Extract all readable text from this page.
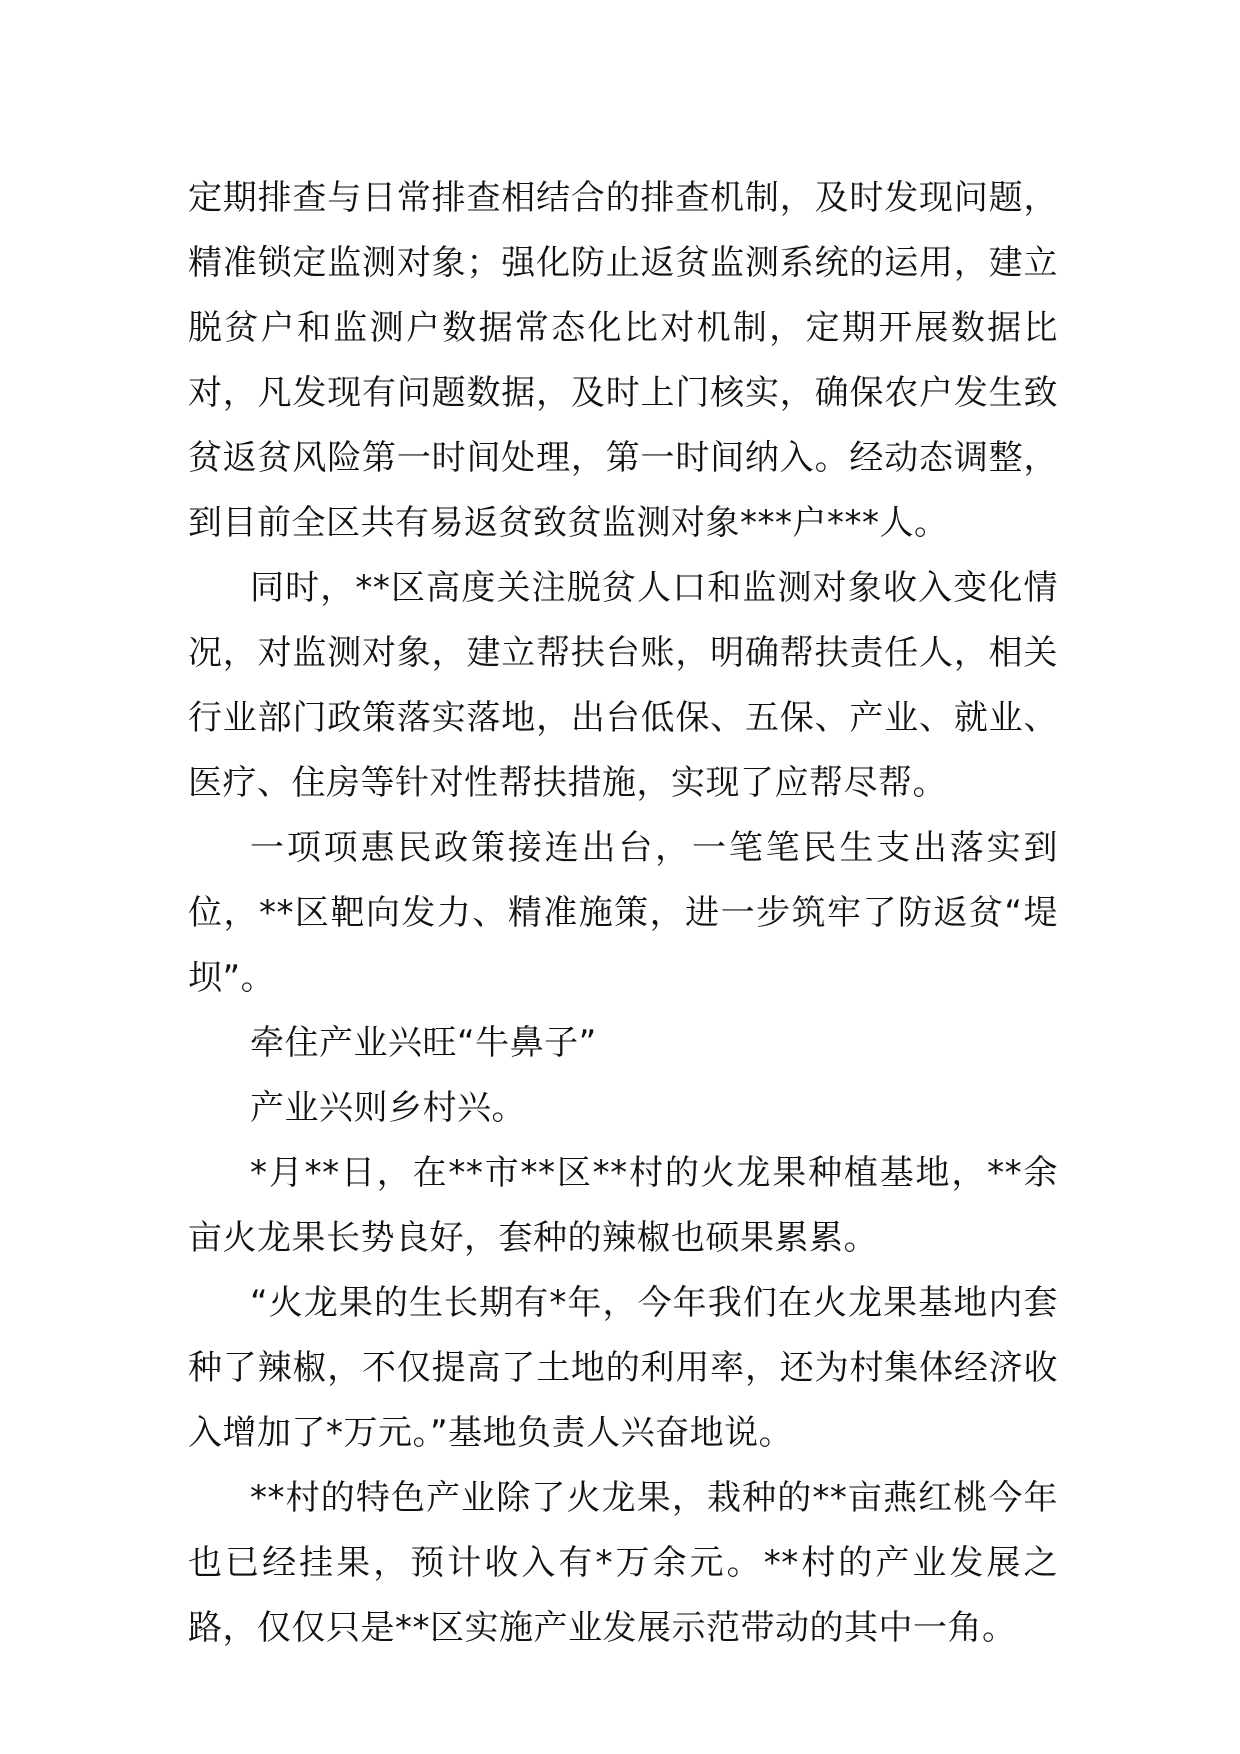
定期排查与日常排查相结合的排查机制，及时发现问题，精准锁定监测对象；强化防止返贫监测系统的运用，建立脱贫户和监测户数据常态化比对机制，定期开展数据比对，凡发现有问题数据，及时上门核实，确保农户发生致贫返贫风险第一时间处理，第一时间纳入。经动态调整，到目前全区共有易返贫致贫监测对象***户***人。

同时，**区高度关注脱贫人口和监测对象收入变化情况，对监测对象，建立帮扶台账，明确帮扶责任人，相关行业部门政策落实落地，出台低保、五保、产业、就业、医疗、住房等针对性帮扶措施，实现了应帮尽帮。

一项项惠民政策接连出台，一笔笔民生支出落实到位，**区靶向发力、精准施策，进一步筑牢了防返贫“堤坝”。

牵住产业兴旺“牛鼻子”

产业兴则乡村兴。

*月**日，在**市**区**村的火龙果种植基地，**余亩火龙果长势良好，套种的辣椒也硕果累累。

“火龙果的生长期有*年，今年我们在火龙果基地内套种了辣椒，不仅提高了土地的利用率，还为村集体经济收入增加了*万元。”基地负责人兴奋地说。

**村的特色产业除了火龙果，栽种的**亩燕红桃今年也已经挂果，预计收入有*万余元。**村的产业发展之路，仅仅只是**区实施产业发展示范带动的其中一角。
